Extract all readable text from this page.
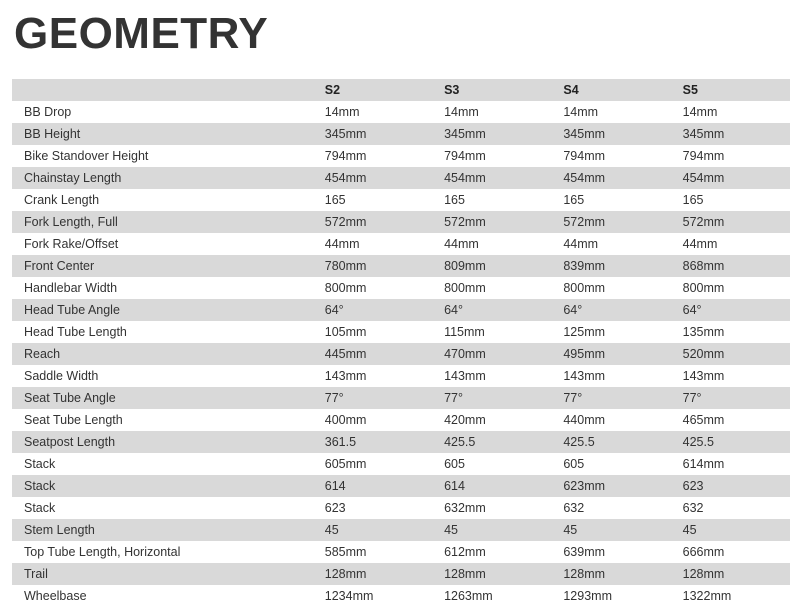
GEOMETRY
	S2	S3	S4	S5
BB Drop	14mm	14mm	14mm	14mm
BB Height	345mm	345mm	345mm	345mm
Bike Standover Height	794mm	794mm	794mm	794mm
Chainstay Length	454mm	454mm	454mm	454mm
Crank Length	165	165	165	165
Fork Length, Full	572mm	572mm	572mm	572mm
Fork Rake/Offset	44mm	44mm	44mm	44mm
Front Center	780mm	809mm	839mm	868mm
Handlebar Width	800mm	800mm	800mm	800mm
Head Tube Angle	64°	64°	64°	64°
Head Tube Length	105mm	115mm	125mm	135mm
Reach	445mm	470mm	495mm	520mm
Saddle Width	143mm	143mm	143mm	143mm
Seat Tube Angle	77°	77°	77°	77°
Seat Tube Length	400mm	420mm	440mm	465mm
Seatpost Length	361.5	425.5	425.5	425.5
Stack	605mm	605	605	614mm
Stack	614	614	623mm	623
Stack	623	632mm	632	632
Stem Length	45	45	45	45
Top Tube Length, Horizontal	585mm	612mm	639mm	666mm
Trail	128mm	128mm	128mm	128mm
Wheelbase	1234mm	1263mm	1293mm	1322mm
